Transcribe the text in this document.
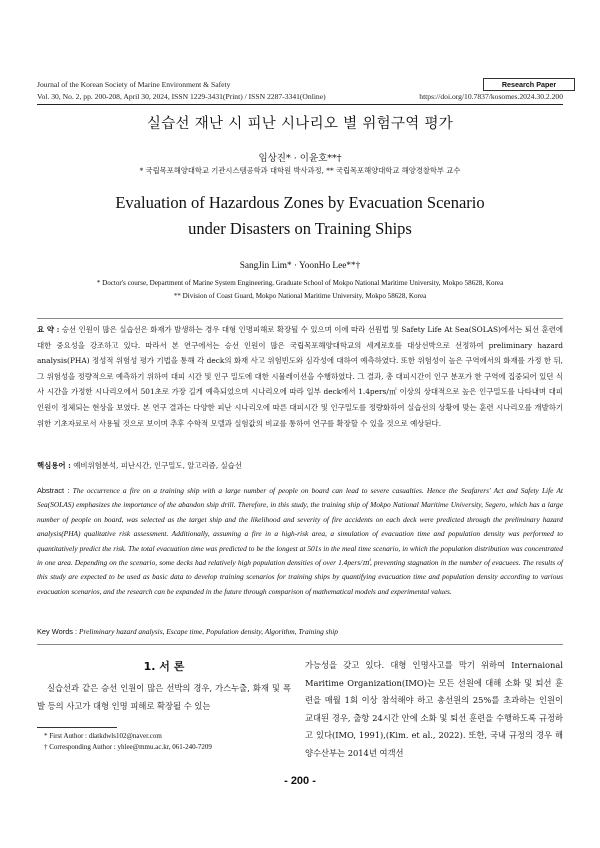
Journal of the Korean Society of Marine Environment & Safety	Research Paper
Vol. 30, No. 2, pp. 200-208, April 30, 2024, ISSN 1229-3431(Print) / ISSN 2287-3341(Online)	https://doi.org/10.7837/kosomes.2024.30.2.200
실습선 재난 시 피난 시나리오 별 위험구역 평가
임상진* · 이윤호**†
* 국립목포해양대학교 기관시스템공학과 대학원 박사과정, ** 국립목포해양대학교 해양경찰학부 교수
Evaluation of Hazardous Zones by Evacuation Scenario
under Disasters on Training Ships
SangJin Lim* · YoonHo Lee**†
* Doctor's course, Department of Marine System Engineering, Graduate School of Mokpo National Maritime University, Mokpo 58628, Korea
** Division of Coast Guard, Mokpo National Maritime University, Mokpo 58628, Korea
요 약 : 승선 인원이 많은 실습선은 화재가 발생하는 경우 대형 인명피해로 확장될 수 있으며 이에 따라 선원법 및 Safety Life At Sea(SOLAS)에서는 퇴선 훈련에 대한 중요성을 강조하고 있다. 따라서 본 연구에서는 승선 인원이 많은 국립목포해양대학교의 세계로호를 대상선박으로 선정하여 preliminary hazard analysis(PHA) 정성적 위험성 평가 기법을 통해 각 deck의 화재 사고 위험빈도와 심각성에 대하여 예측하였다. 또한 위험성이 높은 구역에서의 화재를 가정 한 뒤, 그 위험성을 정량적으로 예측하기 위하여 대피 시간 및 인구 밀도에 대한 시뮬레이션을 수행하였다. 그 결과, 총 대피시간이 인구 분포가 한 구역에 집중되어 있던 식사 시간을 가정한 시나리오에서 501초로 가장 길게 예측되었으며 시나리오에 따라 일부 deck에서 1.4pers/㎡ 이상의 상대적으로 높은 인구밀도를 나타내며 대피 인원이 정체되는 현상을 보였다. 본 연구 결과는 다양한 피난 시나리오에 따른 대피시간 및 인구밀도를 정량화하여 실습선의 상황에 맞는 훈련 시나리오를 개발하기 위한 기초자료로서 사용될 것으로 보이며 추후 수학적 모델과 실험값의 비교를 통하여 연구를 확장할 수 있을 것으로 예상된다.
핵심용어 : 예비위험분석, 피난시간, 인구밀도, 알고리즘, 실습선
Abstract : The occurrence a fire on a training ship with a large number of people on board can lead to severe casualties. Hence the Seafarers' Act and Safety Life At Sea(SOLAS) emphasizes the importance of the abandon ship drill. Therefore, in this study, the training ship of Mokpo National Maritime University, Segero, which has a large number of people on board, was selected as the target ship and the likelihood and severity of fire accidents on each deck were predicted through the preliminary hazard analysis(PHA) qualitative risk assessment. Additionally, assuming a fire in a high-risk area, a simulation of evacuation time and population density was performed to quantitatively predict the risk. The total evacuation time was predicted to be the longest at 501s in the meal time scenario, in which the population distribution was concentrated in one area. Depending on the scenario, some decks had relatively high population densities of over 1.4pers/㎡, preventing stagnation in the number of evacuees. The results of this study are expected to be used as basic data to develop training scenarios for training ships by quantifying evacuation time and population density according to various evacuation scenarios, and the research can be expanded in the future through comparison of mathematical models and experimental values.
Key Words : Preliminary hazard analysis, Escape time, Population density, Algorithm, Training ship
1. 서 론
실습선과 같은 승선 인원이 많은 선박의 경우, 가스누출, 화재 및 폭발 등의 사고가 대형 인명 피해로 확장될 수 있는
* First Author : dlatkdwls102@naver.com
† Corresponding Author : yhlee@mmu.ac.kr, 061-240-7209
가능성을 갖고 있다. 대형 인명사고를 막기 위하여 Internaional Maritime Organization(IMO)는 모든 선원에 대해 소화 및 퇴선 훈련을 매월 1회 이상 참석해야 하고 총선원의 25%를 초과하는 인원이 교대된 경우, 출항 24시간 안에 소화 및 퇴선 훈련을 수행하도록 규정하고 있다(IMO, 1991),(Kim. et al., 2022). 또한, 국내 규정의 경우 해양수산부는 2014년 여객선
- 200 -
